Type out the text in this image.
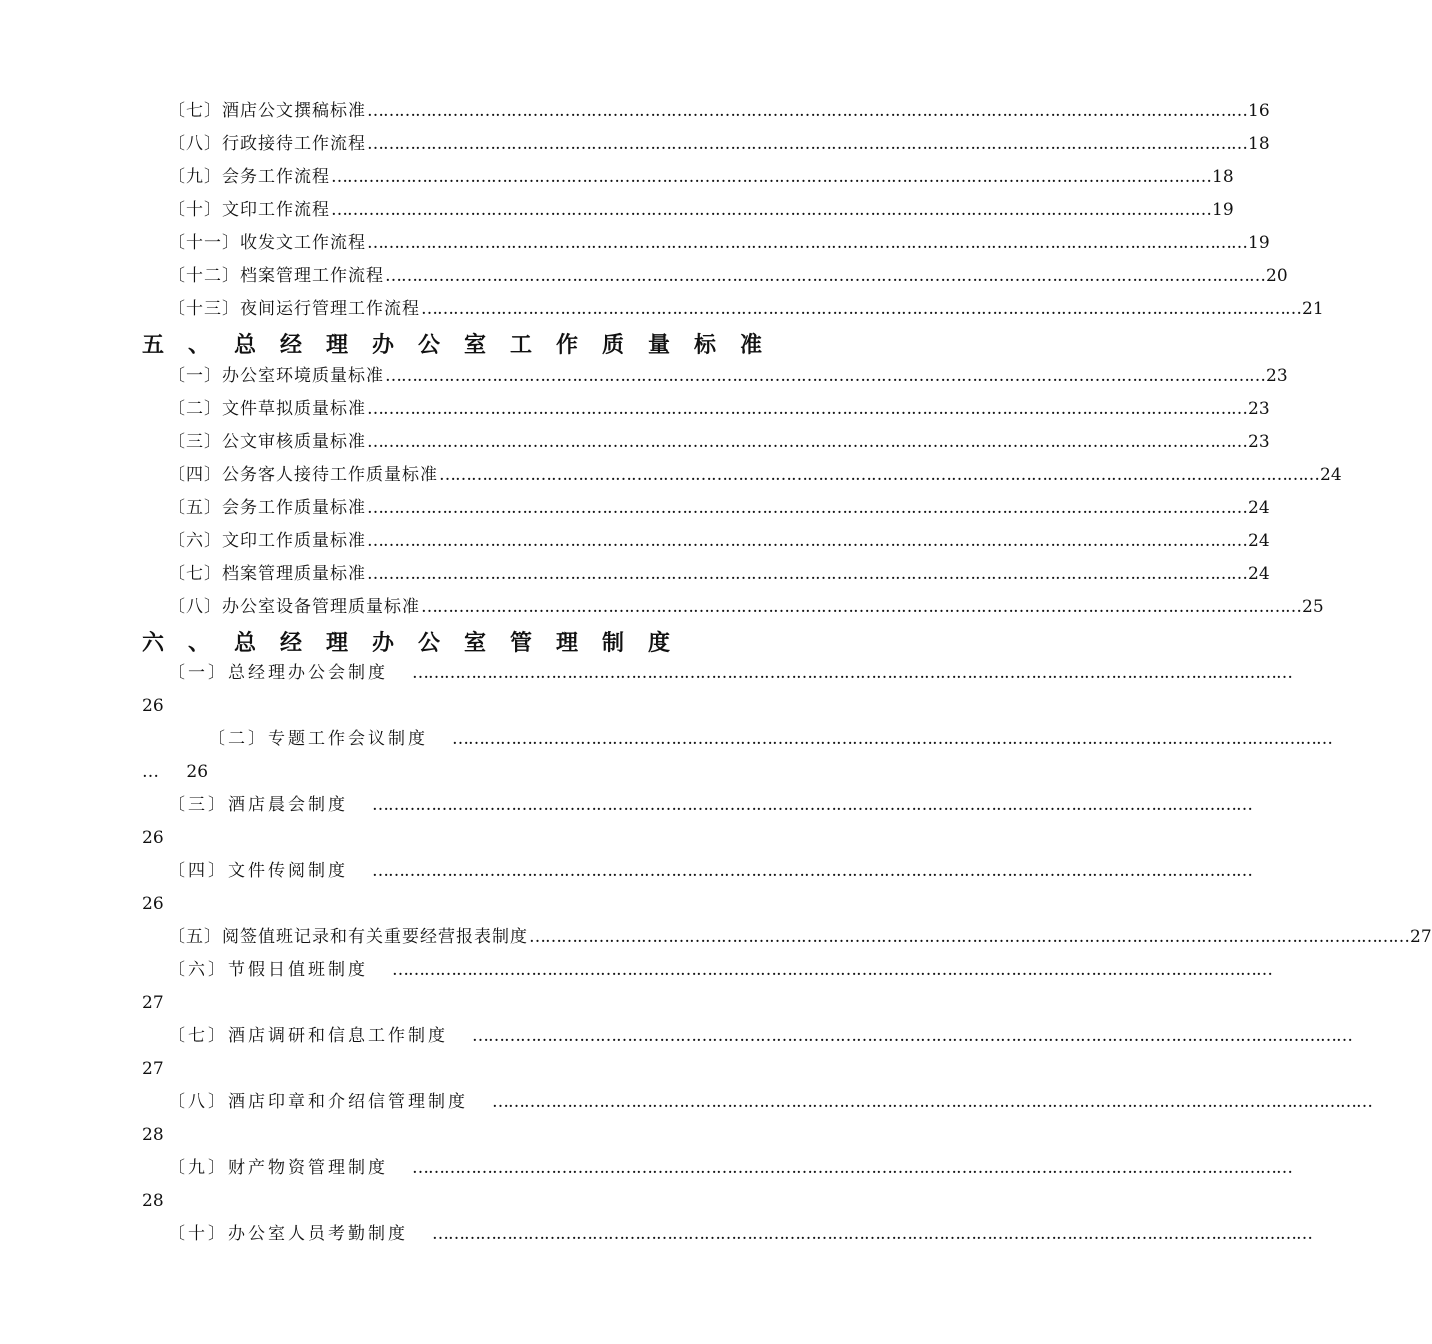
〔七〕酒店公文撰稿标准 ………………………………………………………………………………………………………………………………………………… 16
〔八〕行政接待工作流程 ………………………………………………………………………………………………………………………………………………… 18
〔九〕会务工作流程 ………………………………………………………………………………………………………………………………………………… 18
〔十〕文印工作流程 ………………………………………………………………………………………………………………………………………………… 19
〔十一〕收发文工作流程 ………………………………………………………………………………………………………………………………………………… 19
〔十二〕档案管理工作流程 ………………………………………………………………………………………………………………………………………………… 20
〔十三〕夜间运行管理工作流程 ………………………………………………………………………………………………………………………………………………… 21
五、总经理办公室工作质量标准
〔一〕办公室环境质量标准 ………………………………………………………………………………………………………………………………………………… 23
〔二〕文件草拟质量标准 ………………………………………………………………………………………………………………………………………………… 23
〔三〕公文审核质量标准 ………………………………………………………………………………………………………………………………………………… 23
〔四〕公务客人接待工作质量标准 ………………………………………………………………………………………………………………………………………………… 24
〔五〕会务工作质量标准 ………………………………………………………………………………………………………………………………………………… 24
〔六〕文印工作质量标准 ………………………………………………………………………………………………………………………………………………… 24
〔七〕档案管理质量标准 ………………………………………………………………………………………………………………………………………………… 24
〔八〕办公室设备管理质量标准 ………………………………………………………………………………………………………………………………………………… 25
六、总经理办公室管理制度
〔一〕总经理办公会制度 …………………………………………………………………………………………………………………………………………………
26
〔二〕专题工作会议制度 …………………………………………………………………………………………………………………………………………………
… 26
〔三〕酒店晨会制度 …………………………………………………………………………………………………………………………………………………
26
〔四〕文件传阅制度 …………………………………………………………………………………………………………………………………………………
26
〔五〕阅签值班记录和有关重要经营报表制度 ………………………………………………………………………………………………………………………………………………… 27
〔六〕节假日值班制度 …………………………………………………………………………………………………………………………………………………
27
〔七〕酒店调研和信息工作制度 …………………………………………………………………………………………………………………………………………………
27
〔八〕酒店印章和介绍信管理制度 …………………………………………………………………………………………………………………………………………………
28
〔九〕财产物资管理制度 …………………………………………………………………………………………………………………………………………………
28
〔十〕办公室人员考勤制度 …………………………………………………………………………………………………………………………………………………
